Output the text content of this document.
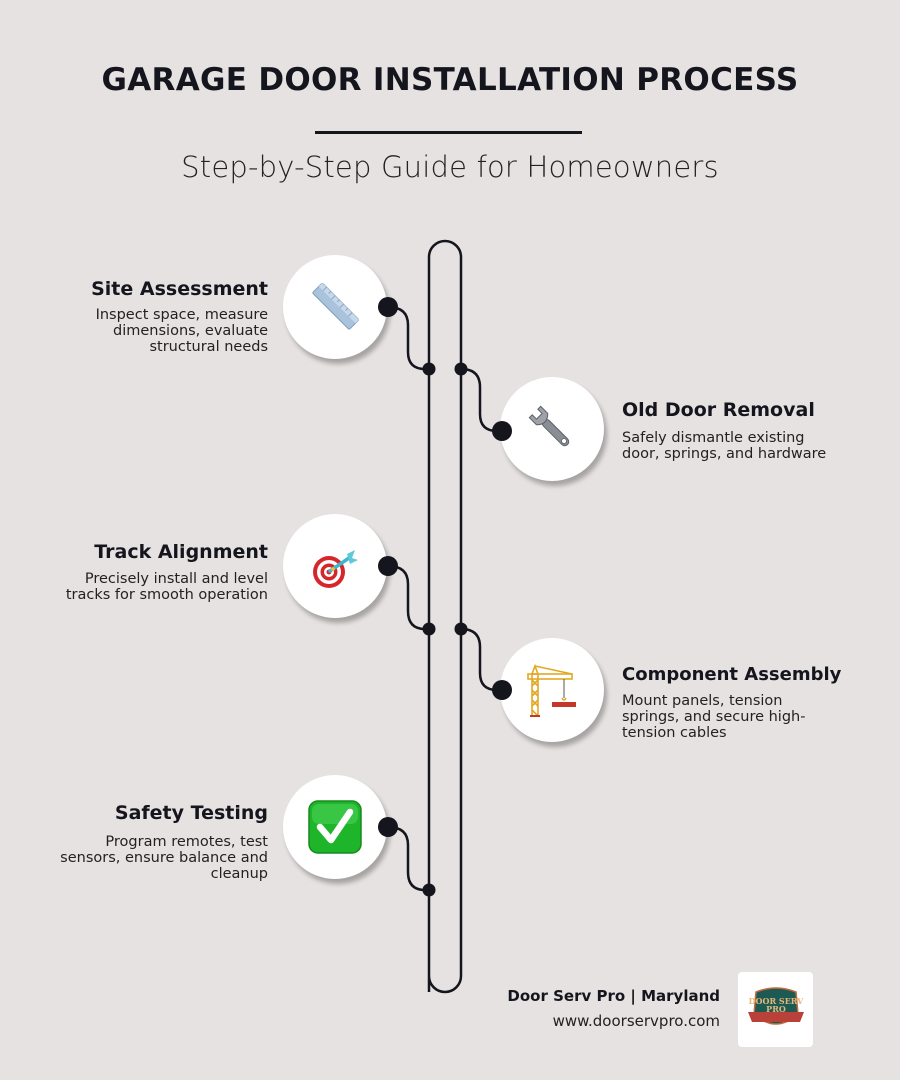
GARAGE DOOR INSTALLATION PROCESS
Step-by-Step Guide for Homeowners
Site Assessment
Inspect space, measure dimensions, evaluate structural needs
Old Door Removal
Safely dismantle existing door, springs, and hardware
Track Alignment
Precisely install and level tracks for smooth operation
Component Assembly
Mount panels, tension springs, and secure high-tension cables
Safety Testing
Program remotes, test sensors, ensure balance and cleanup
Door Serv Pro | Maryland
www.doorservpro.com
DOOR SERV
PRO
